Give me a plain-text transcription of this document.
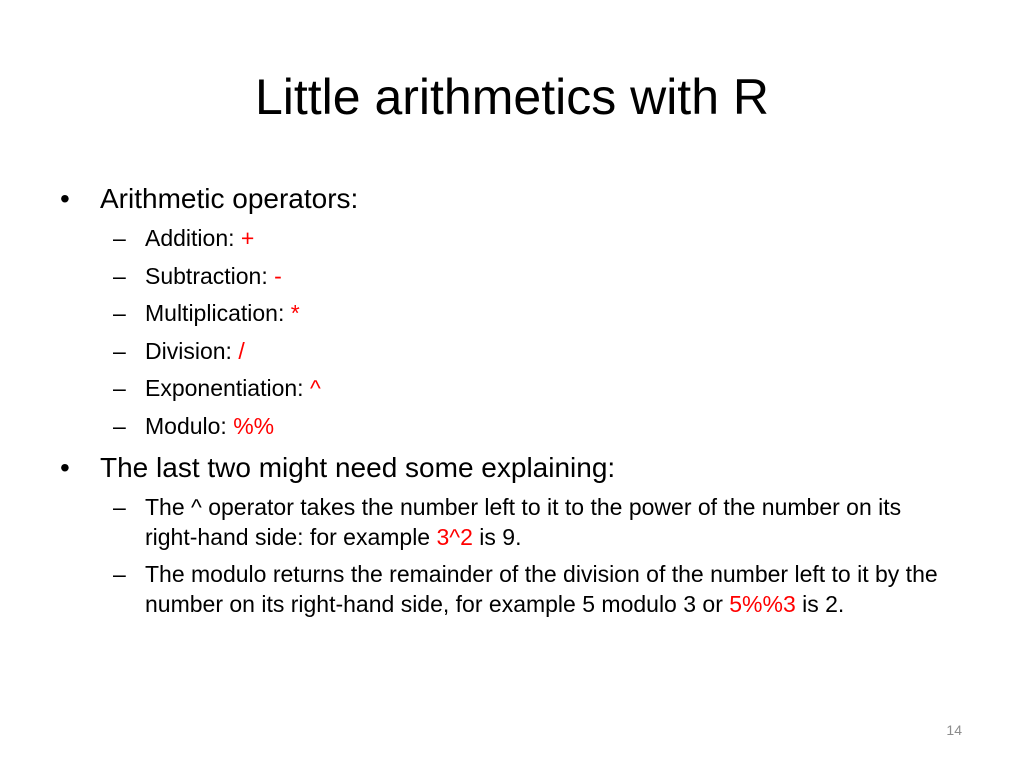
Little arithmetics with R
• Arithmetic operators:
– Addition: +
– Subtraction: -
– Multiplication: *
– Division: /
– Exponentiation: ^
– Modulo: %%
• The last two might need some explaining:
– The ^ operator takes the number left to it to the power of the number on its right-hand side: for example 3^2 is 9.
– The modulo returns the remainder of the division of the number left to it by the number on its right-hand side, for example 5 modulo 3 or 5%%3 is 2.
14
